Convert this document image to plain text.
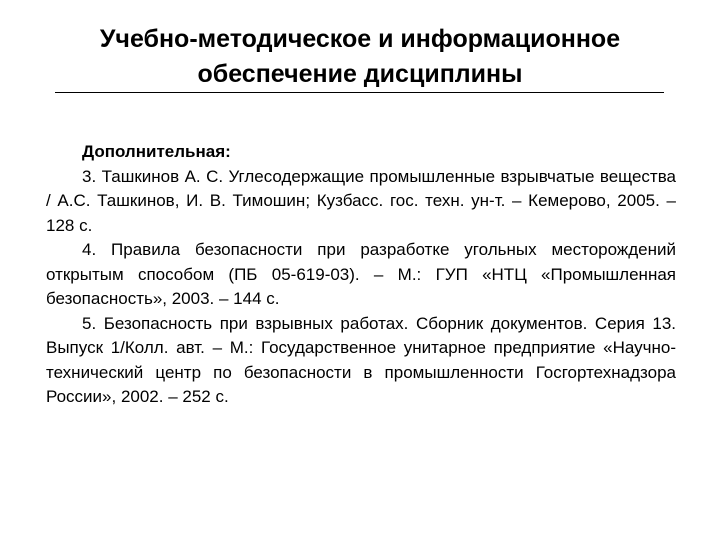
Учебно-методическое и информационное
обеспечение дисциплины

Дополнительная:

3. Ташкинов А. С. Углесодержащие промышленные взрывчатые вещества / А.С. Ташкинов, И. В. Тимошин; Кузбасс. гос. техн. ун-т. – Кемерово, 2005. – 128 с.

4. Правила безопасности при разработке угольных месторождений открытым способом (ПБ 05-619-03). – М.: ГУП «НТЦ «Промышленная безопасность», 2003. – 144 с.

5. Безопасность при взрывных работах. Сборник документов. Серия 13. Выпуск 1/Колл. авт. – М.: Государственное унитарное предприятие «Научно-технический центр по безопасности в промышленности Госгортехнадзора России», 2002. – 252 с.
